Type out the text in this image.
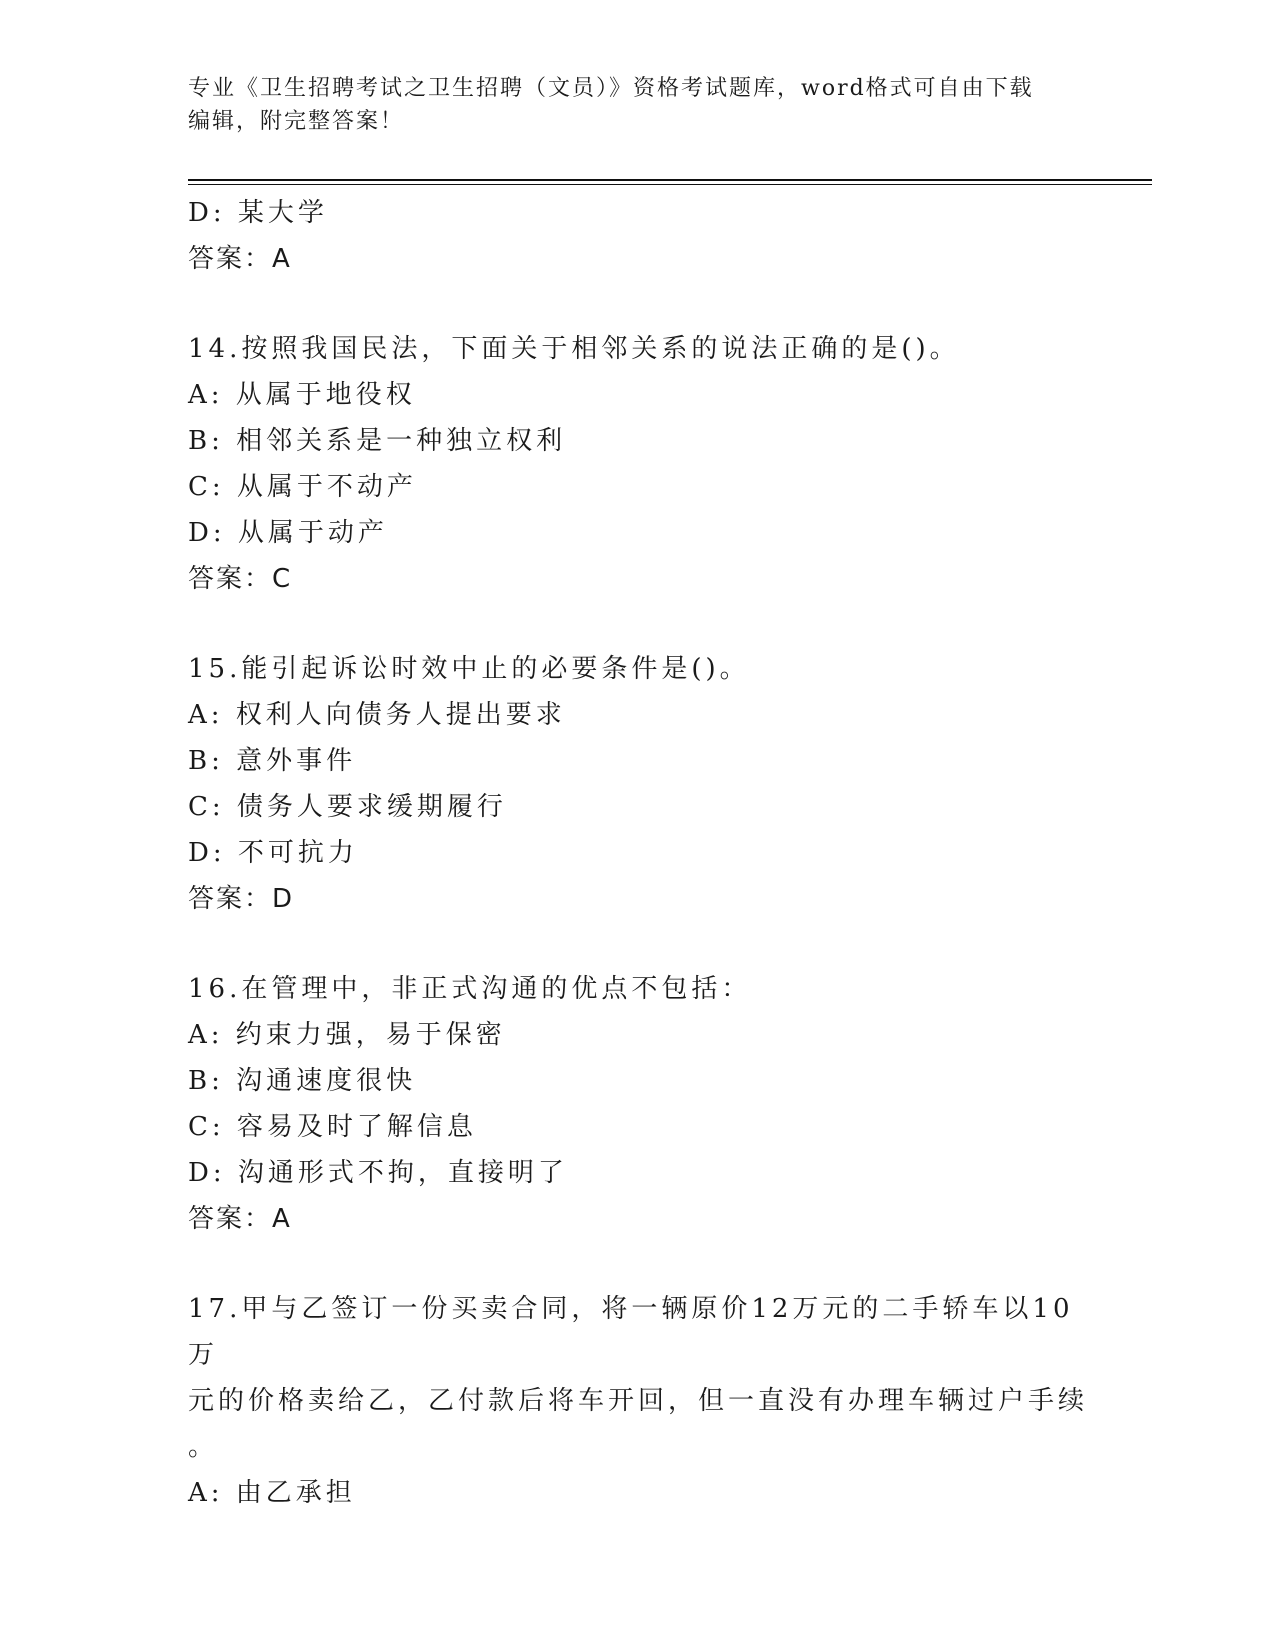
专业《卫生招聘考试之卫生招聘（文员）》资格考试题库，word格式可自由下载
编辑，附完整答案！
D: 某大学
答案：A
14.按照我国民法，下面关于相邻关系的说法正确的是()。
A: 从属于地役权
B: 相邻关系是一种独立权利
C: 从属于不动产
D: 从属于动产
答案：C
15.能引起诉讼时效中止的必要条件是()。
A: 权利人向债务人提出要求
B: 意外事件
C: 债务人要求缓期履行
D: 不可抗力
答案：D
16.在管理中，非正式沟通的优点不包括：
A: 约束力强，易于保密
B: 沟通速度很快
C: 容易及时了解信息
D: 沟通形式不拘，直接明了
答案：A
17.甲与乙签订一份买卖合同，将一辆原价12万元的二手轿车以10万
元的价格卖给乙，乙付款后将车开回，但一直没有办理车辆过户手续
。
A: 由乙承担
